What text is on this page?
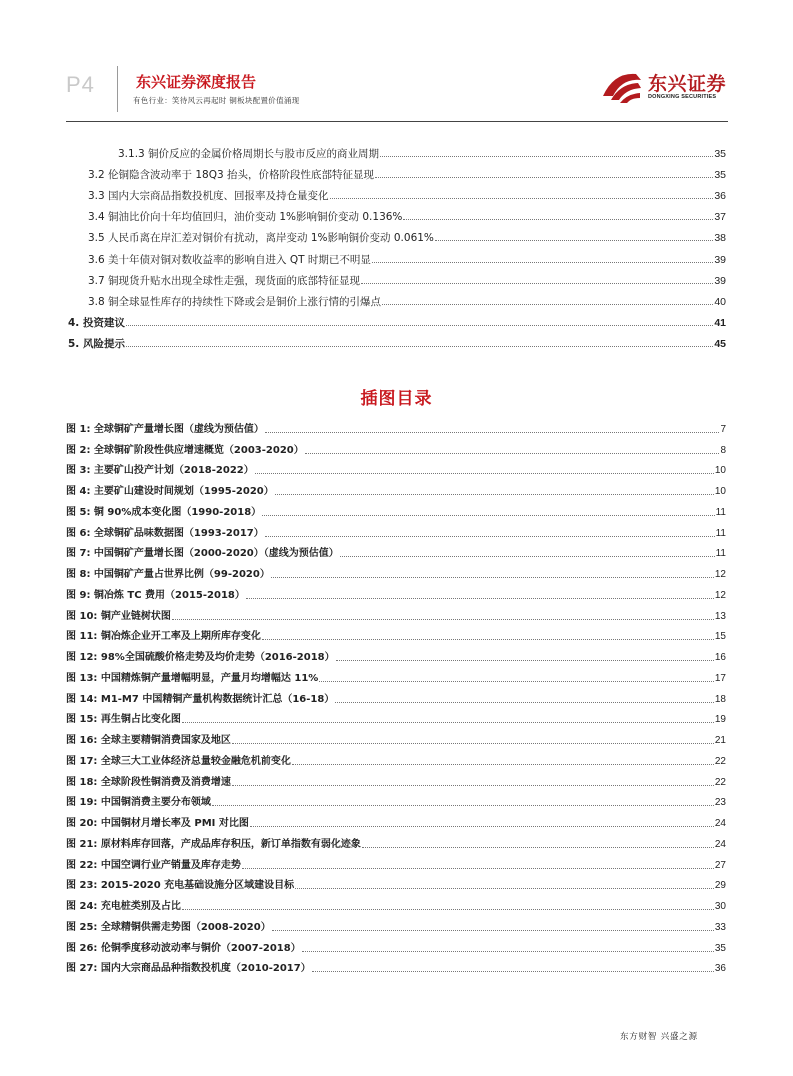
P4	东兴证券深度报告
有色行业：笑待风云再起时 铜板块配置价值涌现
东兴证券
DONGXING SECURITIES
3.1.3 铜价反应的金属价格周期长与股市反应的商业周期	35
3.2 伦铜隐含波动率于 18Q3 抬头，价格阶段性底部特征显现	35
3.3 国内大宗商品指数投机度、回报率及持仓量变化	36
3.4 铜油比价向十年均值回归，油价变动 1%影响铜价变动 0.136%	37
3.5 人民币离在岸汇差对铜价有扰动，离岸变动 1%影响铜价变动 0.061%	38
3.6 美十年债对铜对数收益率的影响自进入 QT 时期已不明显	39
3.7 铜现货升贴水出现全球性走强，现货面的底部特征显现	39
3.8 铜全球显性库存的持续性下降或会是铜价上涨行情的引爆点	40
4. 投资建议	41
5. 风险提示	45
插图目录
图 1: 全球铜矿产量增长图（虚线为预估值）	7
图 2: 全球铜矿阶段性供应增速概览（2003-2020）	8
图 3: 主要矿山投产计划（2018-2022）	10
图 4: 主要矿山建设时间规划（1995-2020）	10
图 5: 铜 90%成本变化图（1990-2018）	11
图 6: 全球铜矿品味数据图（1993-2017）	11
图 7: 中国铜矿产量增长图（2000-2020）（虚线为预估值）	11
图 8: 中国铜矿产量占世界比例（99-2020）	12
图 9: 铜冶炼 TC 费用（2015-2018）	12
图 10: 铜产业链树状图	13
图 11: 铜冶炼企业开工率及上期所库存变化	15
图 12: 98%全国硫酸价格走势及均价走势（2016-2018）	16
图 13: 中国精炼铜产量增幅明显，产量月均增幅达 11%	17
图 14: M1-M7 中国精铜产量机构数据统计汇总（16-18）	18
图 15: 再生铜占比变化图	19
图 16: 全球主要精铜消费国家及地区	21
图 17: 全球三大工业体经济总量较金融危机前变化	22
图 18: 全球阶段性铜消费及消费增速	22
图 19: 中国铜消费主要分布领域	23
图 20: 中国铜材月增长率及 PMI 对比图	24
图 21: 原材料库存回落，产成品库存积压，新订单指数有弱化迹象	24
图 22: 中国空调行业产销量及库存走势	27
图 23: 2015-2020 充电基础设施分区域建设目标	29
图 24: 充电桩类别及占比	30
图 25: 全球精铜供需走势图（2008-2020）	33
图 26: 伦铜季度移动波动率与铜价（2007-2018）	35
图 27: 国内大宗商品品种指数投机度（2010-2017）	36
东方财智 兴盛之源
